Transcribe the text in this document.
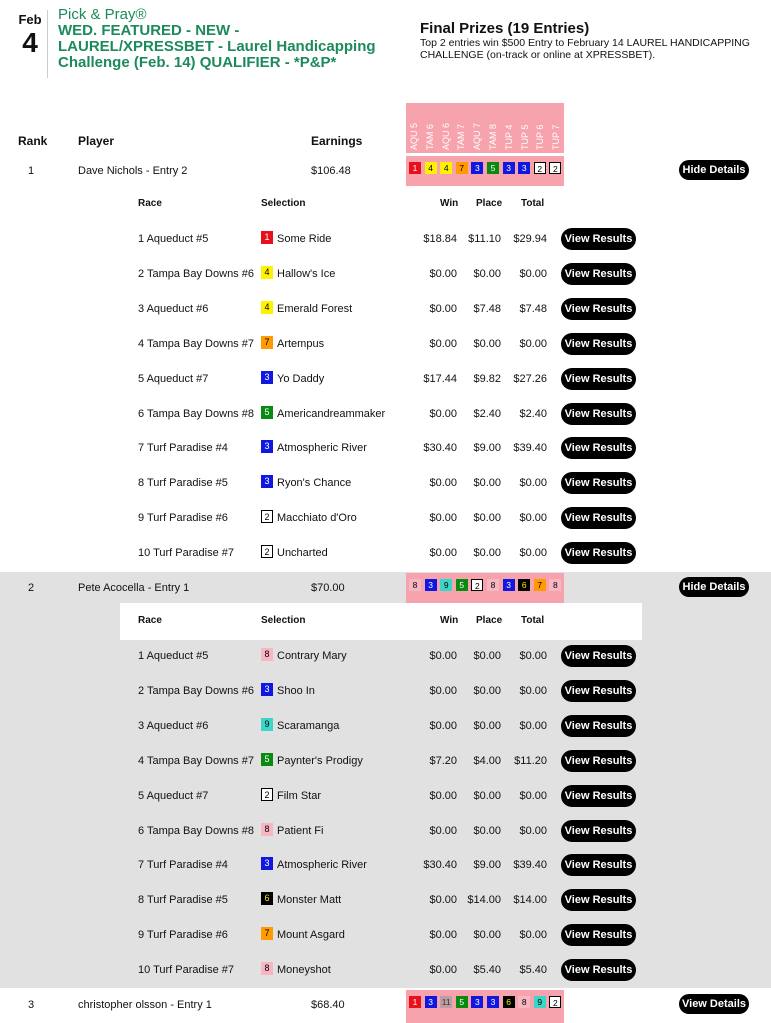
Feb
4
Pick & Pray®
WED. FEATURED - NEW - LAUREL/XPRESSBET - Laurel Handicapping Challenge (Feb. 14) QUALIFIER - *P&P*
Final Prizes (19 Entries)
Top 2 entries win $500 Entry to February 14 LAUREL HANDICAPPING CHALLENGE (on-track or online at XPRESSBET).
Rank	Player	Earnings	AQU 5 TAM 6 AQU 6 TAM 7 AQU 7 TAM 8 TUP 4 TUP 5 TUP 6 TUP 7
1	Dave Nichols - Entry 2	$106.48	1	4	4	7	3	5	3	3	2	2	Hide Details
Race	Selection	Win Place Total
1 Aqueduct #5	1 Some Ride	$18.84 $11.10 $29.94	View Results
2 Tampa Bay Downs #6	4 Hallow's Ice	$0.00 $0.00 $0.00	View Results
3 Aqueduct #6	4 Emerald Forest	$0.00 $7.48 $7.48	View Results
4 Tampa Bay Downs #7	7 Artempus	$0.00 $0.00 $0.00	View Results
5 Aqueduct #7	3 Yo Daddy	$17.44 $9.82 $27.26	View Results
6 Tampa Bay Downs #8	5 Americandreammaker	$0.00 $2.40 $2.40	View Results
7 Turf Paradise #4	3 Atmospheric River	$30.40 $9.00 $39.40	View Results
8 Turf Paradise #5	3 Ryon's Chance	$0.00 $0.00 $0.00	View Results
9 Turf Paradise #6	2 Macchiato d'Oro	$0.00 $0.00 $0.00	View Results
10 Turf Paradise #7	2 Uncharted	$0.00 $0.00 $0.00	View Results
2	Pete Acocella - Entry 1	$70.00	8	3	9	5	2	8	3	6	7	8	Hide Details
Race	Selection	Win Place Total
1 Aqueduct #5	8 Contrary Mary	$0.00 $0.00 $0.00	View Results
2 Tampa Bay Downs #6	3 Shoo In	$0.00 $0.00 $0.00	View Results
3 Aqueduct #6	9 Scaramanga	$0.00 $0.00 $0.00	View Results
4 Tampa Bay Downs #7	5 Paynter's Prodigy	$7.20 $4.00 $11.20	View Results
5 Aqueduct #7	2 Film Star	$0.00 $0.00 $0.00	View Results
6 Tampa Bay Downs #8	8 Patient Fi	$0.00 $0.00 $0.00	View Results
7 Turf Paradise #4	3 Atmospheric River	$30.40 $9.00 $39.40	View Results
8 Turf Paradise #5	6 Monster Matt	$0.00 $14.00 $14.00	View Results
9 Turf Paradise #6	7 Mount Asgard	$0.00 $0.00 $0.00	View Results
10 Turf Paradise #7	8 Moneyshot	$0.00 $5.40 $5.40	View Results
3	christopher olsson - Entry 1	$68.40	1	3	11	5	3	3	6	8	9	2	View Details
